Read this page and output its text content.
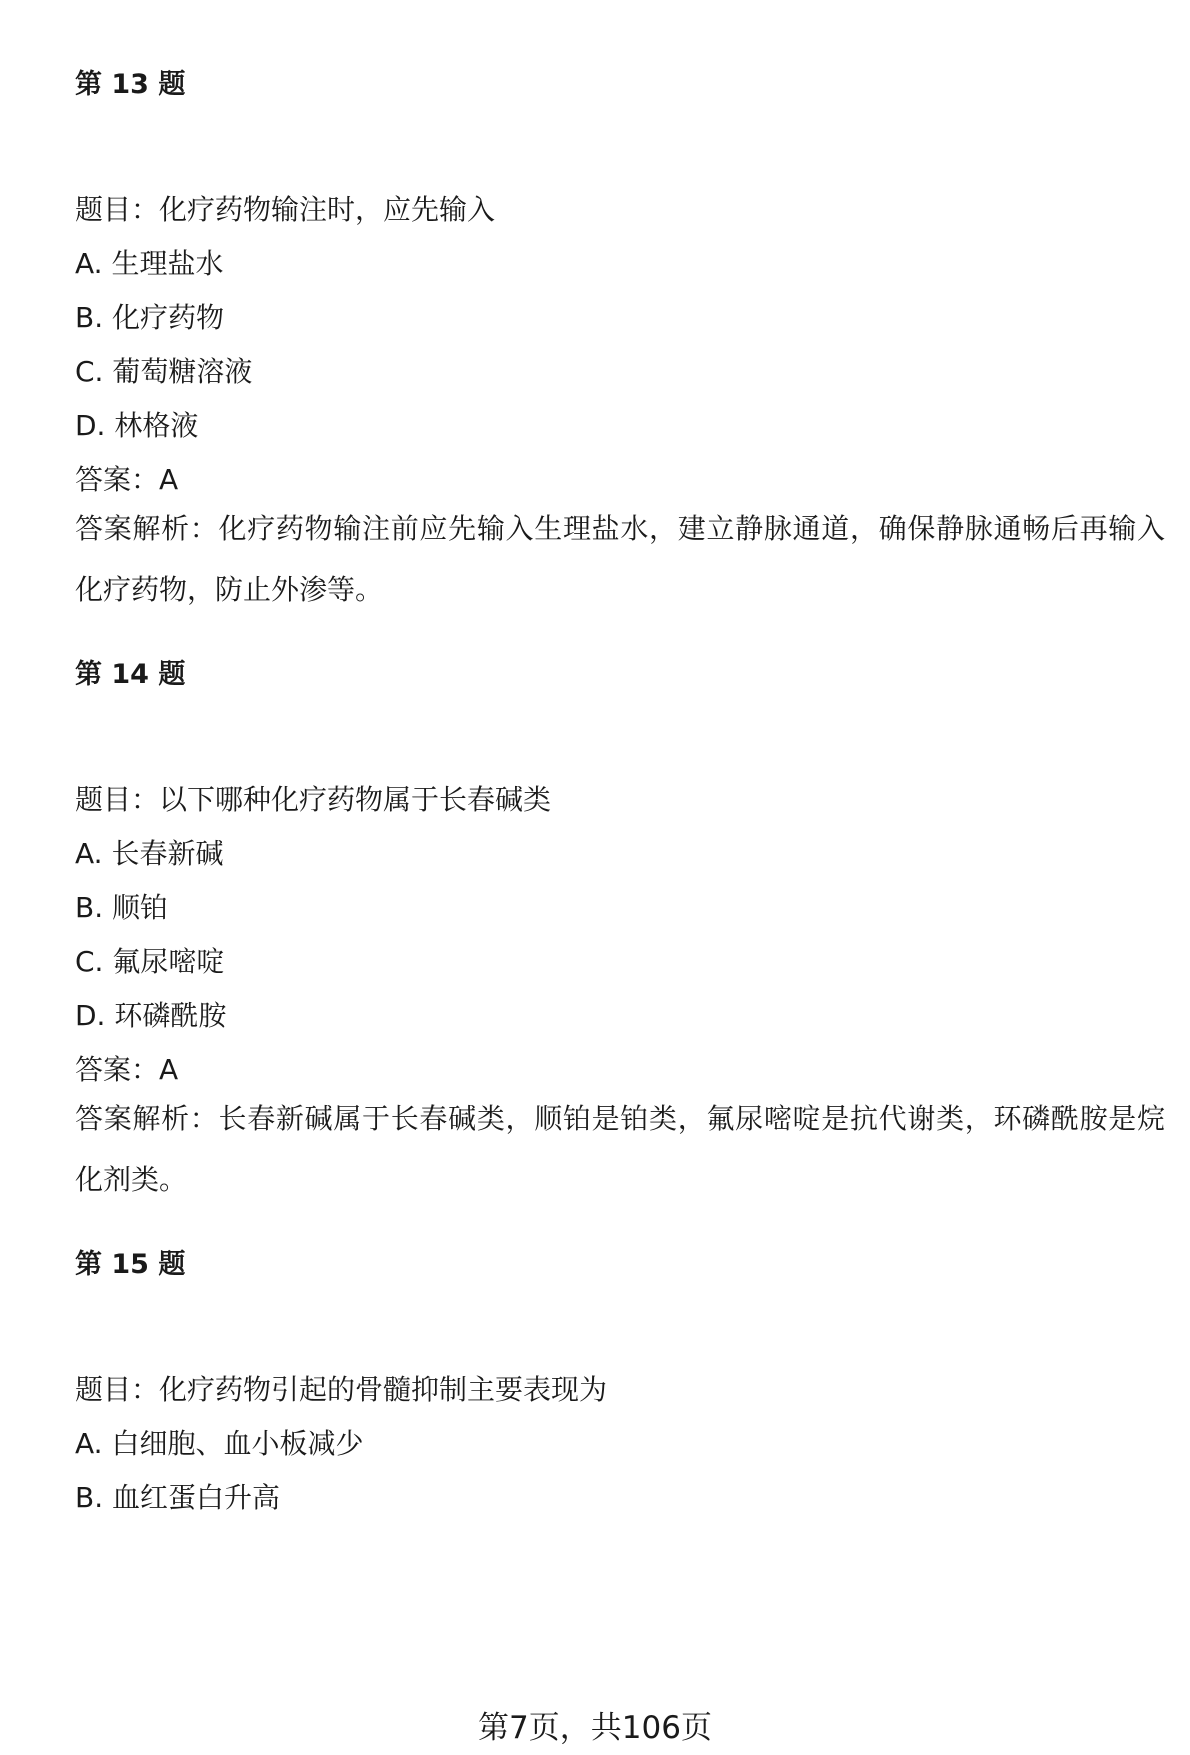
第 13 题

题目：化疗药物输注时，应先输入

A. 生理盐水

B. 化疗药物

C. 葡萄糖溶液

D. 林格液

答案：A

答案解析：化疗药物输注前应先输入生理盐水，建立静脉通道，确保静脉通畅后再输入化疗药物，防止外渗等。

第 14 题

题目：以下哪种化疗药物属于长春碱类

A. 长春新碱

B. 顺铂

C. 氟尿嘧啶

D. 环磷酰胺

答案：A

答案解析：长春新碱属于长春碱类，顺铂是铂类，氟尿嘧啶是抗代谢类，环磷酰胺是烷化剂类。

第 15 题

题目：化疗药物引起的骨髓抑制主要表现为

A. 白细胞、血小板减少

B. 血红蛋白升高

第7页，共106页
